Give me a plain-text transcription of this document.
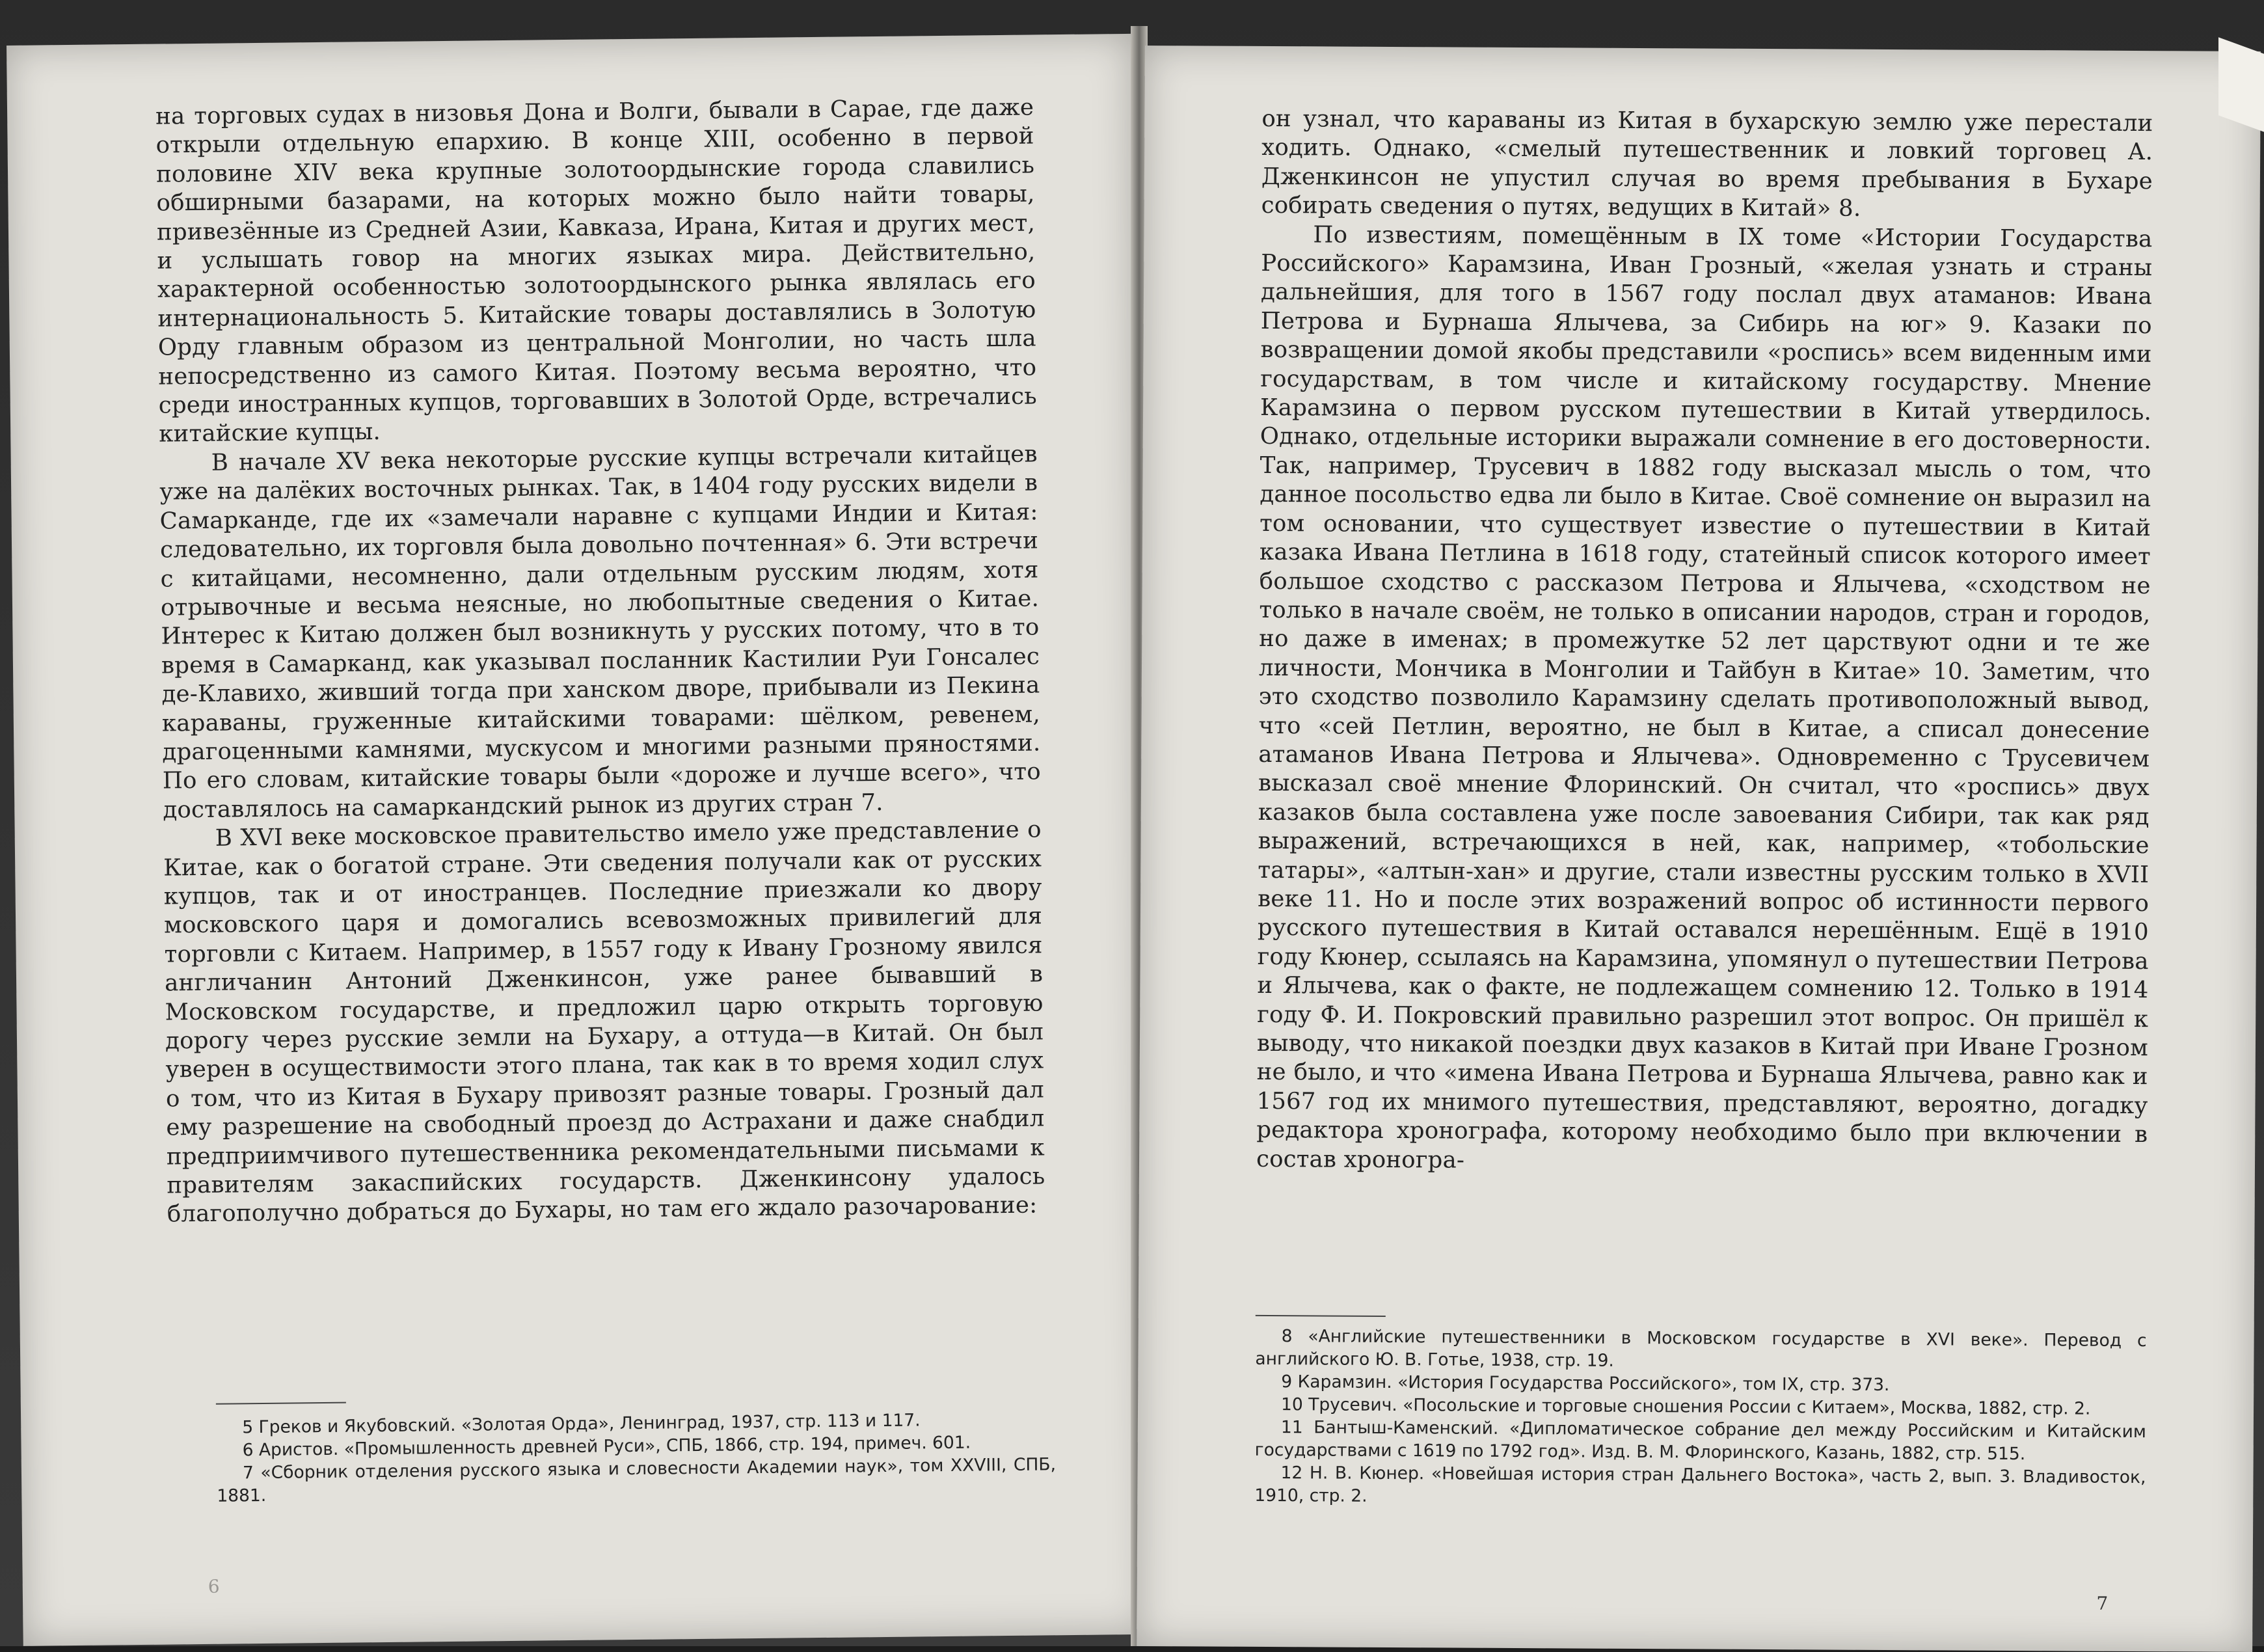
на торговых судах в низовья Дона и Волги, бывали в Сарае, где даже открыли отдельную епархию. В конце XIII, особенно в первой половине XIV века крупные золотоордынские города славились обширными базарами, на которых можно было найти товары, привезённые из Средней Азии, Кавказа, Ирана, Китая и других мест, и услышать говор на многих языках мира. Действительно, характерной особенностью золотоордынского рынка являлась его интернациональность 5. Китайские товары доставлялись в Золотую Орду главным образом из центральной Монголии, но часть шла непосредственно из самого Китая. Поэтому весьма вероятно, что среди иностранных купцов, торговавших в Золотой Орде, встречались китайские купцы.

В начале XV века некоторые русские купцы встречали китайцев уже на далёких восточных рынках. Так, в 1404 году русских видели в Самарканде, где их «замечали наравне с купцами Индии и Китая: следовательно, их торговля была довольно почтенная» 6. Эти встречи с китайцами, несомненно, дали отдельным русским людям, хотя отрывочные и весьма неясные, но любопытные сведения о Китае. Интерес к Китаю должен был возникнуть у русских потому, что в то время в Самарканд, как указывал посланник Кастилии Руи Гонсалес де-Клавихо, живший тогда при ханском дворе, прибывали из Пекина караваны, груженные китайскими товарами: шёлком, ревенем, драгоценными камнями, мускусом и многими разными пряностями. По его словам, китайские товары были «дороже и лучше всего», что доставлялось на самаркандский рынок из других стран 7.

В XVI веке московское правительство имело уже представление о Китае, как о богатой стране. Эти сведения получали как от русских купцов, так и от иностранцев. Последние приезжали ко двору московского царя и домогались всевозможных привилегий для торговли с Китаем. Например, в 1557 году к Ивану Грозному явился англичанин Антоний Дженкинсон, уже ранее бывавший в Московском государстве, и предложил царю открыть торговую дорогу через русские земли на Бухару, а оттуда—в Китай. Он был уверен в осуществимости этого плана, так как в то время ходил слух о том, что из Китая в Бухару привозят разные товары. Грозный дал ему разрешение на свободный проезд до Астрахани и даже снабдил предприимчивого путешественника рекомендательными письмами к правителям закаспийских государств. Дженкинсону удалось благополучно добраться до Бухары, но там его ждало разочарование:

5 Греков и Якубовский. «Золотая Орда», Ленинград, 1937, стр. 113 и 117.

6 Аристов. «Промышленность древней Руси», СПБ, 1866, стр. 194, примеч. 601.

7 «Сборник отделения русского языка и словесности Академии наук», том XXVIII, СПБ, 1881.

6

он узнал, что караваны из Китая в бухарскую землю уже перестали ходить. Однако, «смелый путешественник и ловкий торговец А. Дженкинсон не упустил случая во время пребывания в Бухаре собирать сведения о путях, ведущих в Китай» 8.

По известиям, помещённым в IX томе «Истории Государства Российского» Карамзина, Иван Грозный, «желая узнать и страны дальнейшия, для того в 1567 году послал двух атаманов: Ивана Петрова и Бурнаша Ялычева, за Сибирь на юг» 9. Казаки по возвращении домой якобы представили «роспись» всем виденным ими государствам, в том числе и китайскому государству. Мнение Карамзина о первом русском путешествии в Китай утвердилось. Однако, отдельные историки выражали сомнение в его достоверности. Так, например, Трусевич в 1882 году высказал мысль о том, что данное посольство едва ли было в Китае. Своё сомнение он выразил на том основании, что существует известие о путешествии в Китай казака Ивана Петлина в 1618 году, статейный список которого имеет большое сходство с рассказом Петрова и Ялычева, «сходством не только в начале своём, не только в описании народов, стран и городов, но даже в именах; в промежутке 52 лет царствуют одни и те же личности, Мончика в Монголии и Тайбун в Китае» 10. Заметим, что это сходство позволило Карамзину сделать противоположный вывод, что «сей Петлин, вероятно, не был в Китае, а списал донесение атаманов Ивана Петрова и Ялычева». Одновременно с Трусевичем высказал своё мнение Флоринский. Он считал, что «роспись» двух казаков была составлена уже после завоевания Сибири, так как ряд выражений, встречающихся в ней, как, например, «тобольские татары», «алтын-хан» и другие, стали известны русским только в XVII веке 11. Но и после этих возражений вопрос об истинности первого русского путешествия в Китай оставался нерешённым. Ещё в 1910 году Кюнер, ссылаясь на Карамзина, упомянул о путешествии Петрова и Ялычева, как о факте, не подлежащем сомнению 12. Только в 1914 году Ф. И. Покровский правильно разрешил этот вопрос. Он пришёл к выводу, что никакой поездки двух казаков в Китай при Иване Грозном не было, и что «имена Ивана Петрова и Бурнаша Ялычева, равно как и 1567 год их мнимого путешествия, представляют, вероятно, догадку редактора хронографа, которому необходимо было при включении в состав хроногра-

8 «Английские путешественники в Московском государстве в XVI веке». Перевод с английского Ю. В. Готье, 1938, стр. 19.

9 Карамзин. «История Государства Российского», том IX, стр. 373.

10 Трусевич. «Посольские и торговые сношения России с Китаем», Москва, 1882, стр. 2.

11 Бантыш-Каменский. «Дипломатическое собрание дел между Российским и Китайским государствами с 1619 по 1792 год». Изд. В. М. Флоринского, Казань, 1882, стр. 515.

12 Н. В. Кюнер. «Новейшая история стран Дальнего Востока», часть 2, вып. 3. Владивосток, 1910, стр. 2.

7
